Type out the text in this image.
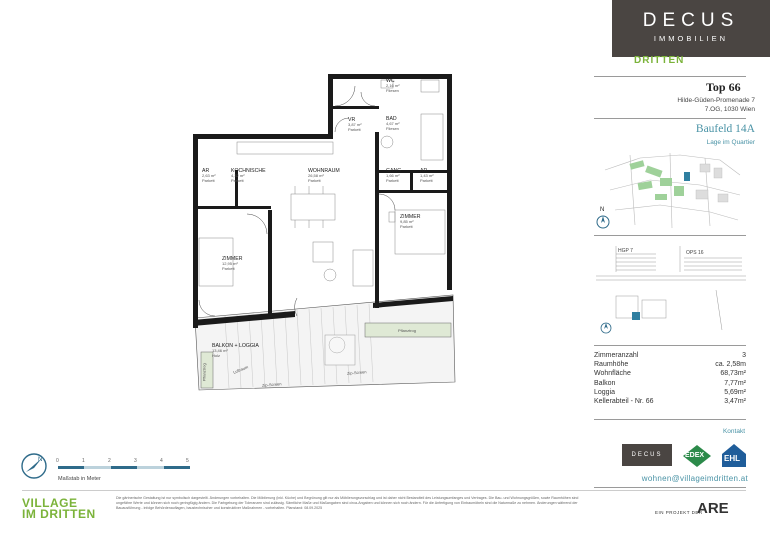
DECUS
IMMOBILIEN
DRITTEN
Top 66
Hilde-Güden-Promenade 7
7.OG, 1030 Wien
Baufeld 14A
Lage im Quartier
N
HGP 7	OPS 16
Zimmeranzahl	3
Raumhöhe	ca. 2,58m
Wohnfläche	68,73m²
Balkon	7,77m²
Loggia	5,69m²
Kellerabteil - Nr. 66	3,47m²
Kontakt
DECUS	EDEX EHL
wohnen@villageimdritten.at
WC
2,16 m²
Fliesen
BAD
4,67 m²
Fliesen
VR
3,87 m²
Parkett
AR
2,63 m²
Parkett
KOCHNISCHE
4,32 m²
Parkett
WOHNRAUM
26,58 m²
Parkett
GANG
1,66 m²
Parkett
AR
1,43 m²
Parkett
ZIMMER
9,85 m²
Parkett
ZIMMER
12,95 m²
Parkett
BALKON + LOGGIA
13,46 m²
Holz
Pflanztrog
Zip-Screen
Zip-Screen
Luftraum
Pflanztrog
N	0	1	2	3	4	5
Maßstab in Meter
VILLAGE
IM DRITTEN
Die gärtnerische Gestaltung ist nur symbolisch dargestellt. Änderungen vorbehalten. Die Möblierung (inkl. Küche) und Begrünung gilt nur als Möblierungsvorschlag und ist daher nicht Bestandteil des Leistungsumfanges und Vertrages. Die Bau- und Wohnungsgrößen, sowie Raumhöhen sind ungefähre Werte und können sich noch geringfügig ändern. Die Farbgebung der Toleranzen sind zulässig. Sämtliche Maße und Maßangaben sind circa-Angaben und können sich noch ändern. Für die Anfertigung von Einbaumöbeln sind die Naturmaße zu nehmen. Änderungen während der Bauausführung - infolge Behördenauflagen, baustechnischer und konstruktiver Maßnahmen - vorbehalten. Planstand: 08.09.2025
EIN PROJEKT DER
ARE
